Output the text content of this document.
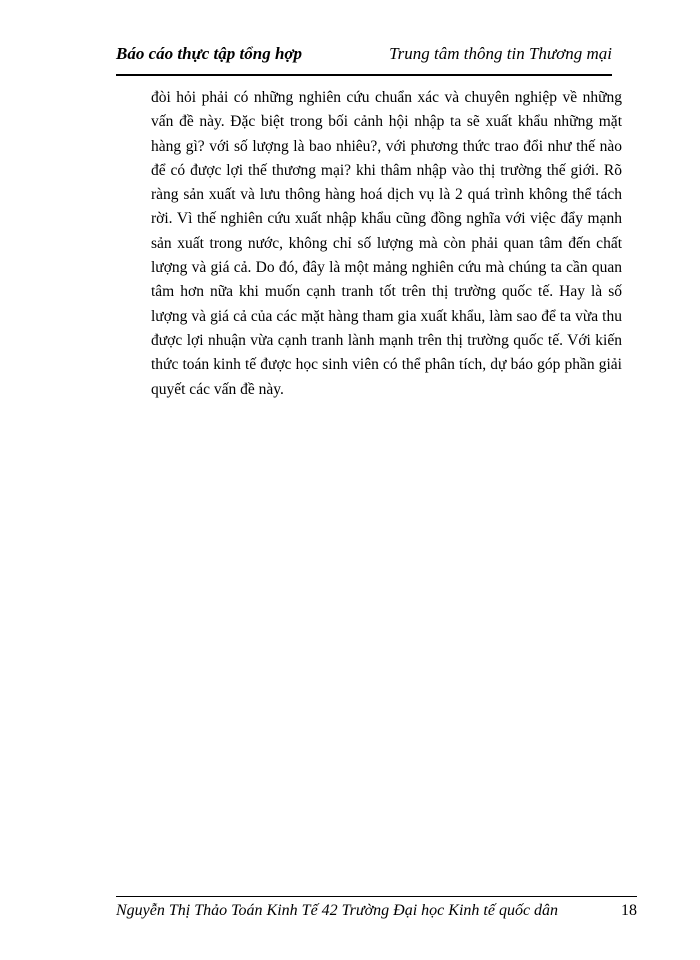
Báo cáo thực tập tổng hợp	Trung tâm thông tin Thương mại

đòi hỏi phải có những nghiên cứu chuẩn xác và chuyên nghiệp về những vấn đề này. Đặc biệt trong bối cảnh hội nhập ta sẽ xuất khẩu những mặt hàng gì? với số lượng là bao nhiêu?, với phương thức trao đổi như thế nào để có được lợi thế thương mại? khi thâm nhập vào thị trường thế giới. Rõ ràng sản xuất và lưu thông hàng hoá dịch vụ là 2 quá trình không thể tách rời. Vì thế nghiên cứu xuất nhập khẩu cũng đồng nghĩa với việc đẩy mạnh sản xuất trong nước, không chỉ số lượng mà còn phải quan tâm đến chất lượng và giá cả. Do đó, đây là một mảng nghiên cứu mà chúng ta cần quan tâm hơn nữa khi muốn cạnh tranh tốt trên thị trường quốc tế. Hay là số lượng và giá cả của các mặt hàng tham gia xuất khẩu, làm sao để ta vừa thu được lợi nhuận vừa cạnh tranh lành mạnh trên thị trường quốc tế. Với kiến thức toán kinh tế được học sinh viên có thể phân tích, dự báo góp phần giải quyết các vấn đề này.

Nguyễn Thị Thảo Toán Kinh Tế 42 Trường Đại học Kinh tế quốc dân	18
